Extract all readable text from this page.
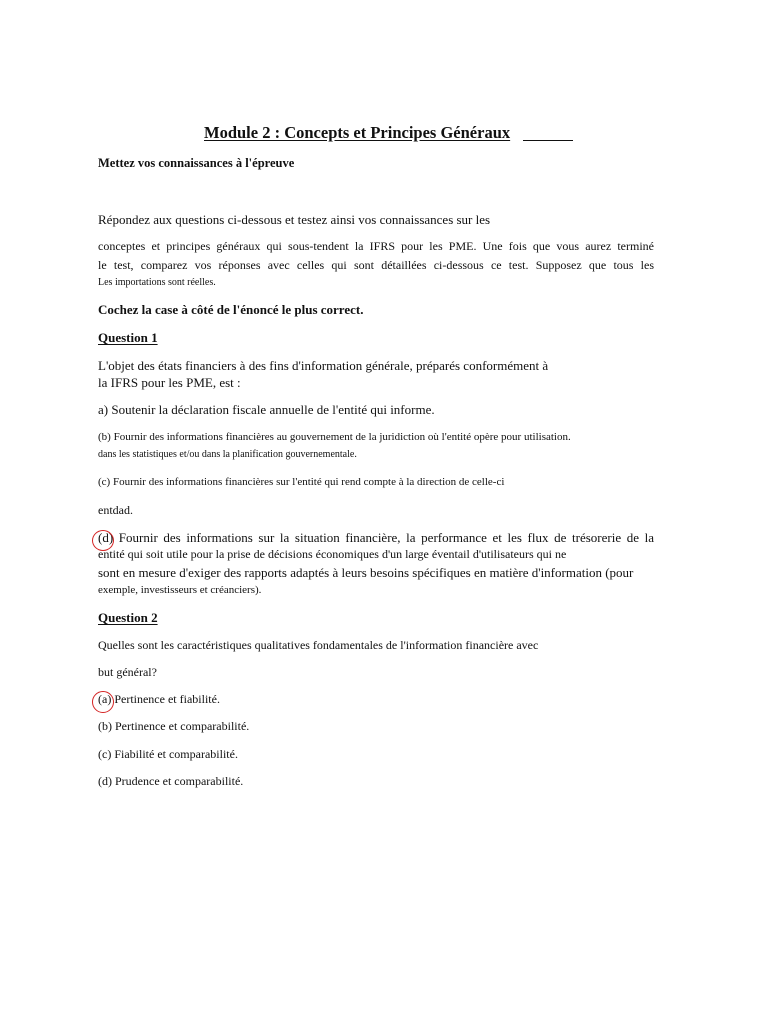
Module 2 : Concepts et Principes Généraux
Mettez vos connaissances à l'épreuve
Répondez aux questions ci-dessous et testez ainsi vos connaissances sur les
conceptes et principes généraux qui sous-tendent la IFRS pour les PME. Une fois que vous aurez terminé
le test, comparez vos réponses avec celles qui sont détaillées ci-dessous ce test. Supposez que tous les
Les importations sont réelles.
Cochez la case à côté de l'énoncé le plus correct.
Question 1
L'objet des états financiers à des fins d'information générale, préparés conformément à
la IFRS pour les PME, est :
a) Soutenir la déclaration fiscale annuelle de l'entité qui informe.
(b) Fournir des informations financières au gouvernement de la juridiction où l'entité opère pour utilisation.
dans les statistiques et/ou dans la planification gouvernementale.
(c) Fournir des informations financières sur l'entité qui rend compte à la direction de celle-ci
entdad.
(d) Fournir des informations sur la situation financière, la performance et les flux de trésorerie de la
entité qui soit utile pour la prise de décisions économiques d'un large éventail d'utilisateurs qui ne
sont en mesure d'exiger des rapports adaptés à leurs besoins spécifiques en matière d'information (pour
exemple, investisseurs et créanciers).
Question 2
Quelles sont les caractéristiques qualitatives fondamentales de l'information financière avec
but général?
(a) Pertinence et fiabilité.
(b) Pertinence et comparabilité.
(c) Fiabilité et comparabilité.
(d) Prudence et comparabilité.
